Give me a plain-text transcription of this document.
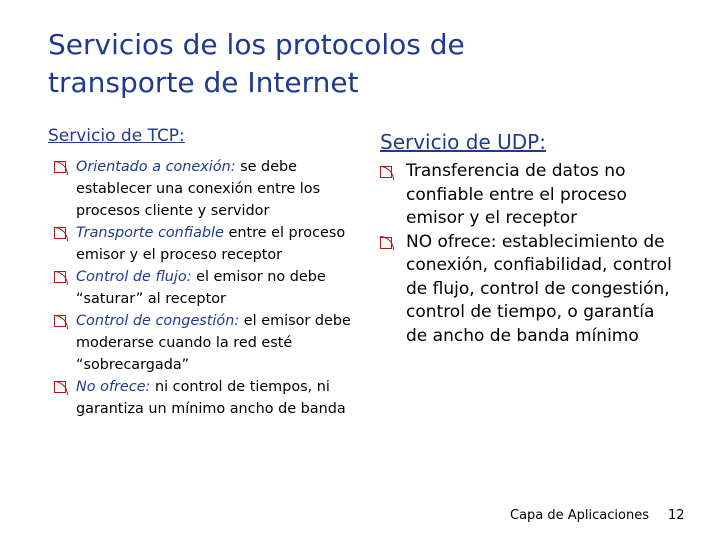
Servicios de los protocolos de
transporte de Internet
Servicio de TCP:
Orientado a conexión: se debe establecer una conexión entre los procesos cliente y servidor
Transporte confiable entre el proceso emisor y el proceso receptor
Control de flujo: el emisor no debe “saturar” al receptor
Control de congestión: el emisor debe moderarse cuando la red esté “sobrecargada”
No ofrece: ni control de tiempos, ni garantiza un mínimo ancho de banda
Servicio de UDP:
Transferencia de datos no confiable entre el proceso emisor y el receptor
NO ofrece: establecimiento de conexión, confiabilidad, control de flujo, control de congestión, control de tiempo, o garantía de ancho de banda mínimo
Capa de Aplicaciones 12
